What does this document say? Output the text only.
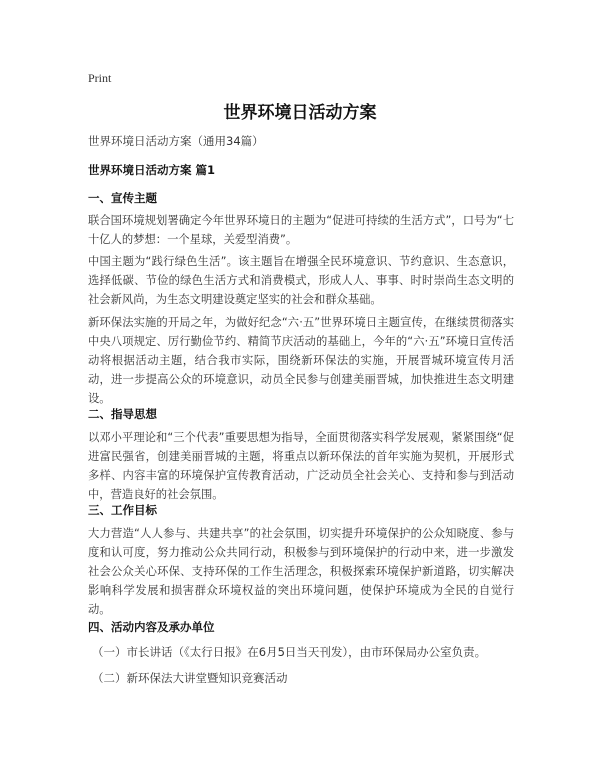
Print
世界环境日活动方案
世界环境日活动方案（通用34篇）
世界环境日活动方案 篇1
一、宣传主题
联合国环境规划署确定今年世界环境日的主题为“促进可持续的生活方式”，口号为“七十亿人的梦想：一个星球，关爱型消费”。
中国主题为“践行绿色生活”。该主题旨在增强全民环境意识、节约意识、生态意识，选择低碳、节俭的绿色生活方式和消费模式，形成人人、事事、时时崇尚生态文明的社会新风尚，为生态文明建设奠定坚实的社会和群众基础。
新环保法实施的开局之年，为做好纪念“六·五”世界环境日主题宣传，在继续贯彻落实中央八项规定、厉行勤俭节约、精简节庆活动的基础上，今年的“六·五”环境日宣传活动将根据活动主题，结合我市实际，围绕新环保法的实施，开展晋城环境宣传月活动，进一步提高公众的环境意识，动员全民参与创建美丽晋城，加快推进生态文明建设。
二、指导思想
以邓小平理论和“三个代表”重要思想为指导，全面贯彻落实科学发展观，紧紧围绕“促进富民强省，创建美丽晋城的主题，将重点以新环保法的首年实施为契机，开展形式多样、内容丰富的环境保护宣传教育活动，广泛动员全社会关心、支持和参与到活动中，营造良好的社会氛围。
三、工作目标
大力营造“人人参与、共建共享”的社会氛围，切实提升环境保护的公众知晓度、参与度和认可度，努力推动公众共同行动，积极参与到环境保护的行动中来，进一步激发社会公众关心环保、支持环保的工作生活理念，积极探索环境保护新道路，切实解决影响科学发展和损害群众环境权益的突出环境问题，使保护环境成为全民的自觉行动。
四、活动内容及承办单位
（一）市长讲话（《太行日报》在6月5日当天刊发），由市环保局办公室负责。
（二）新环保法大讲堂暨知识竞赛活动
